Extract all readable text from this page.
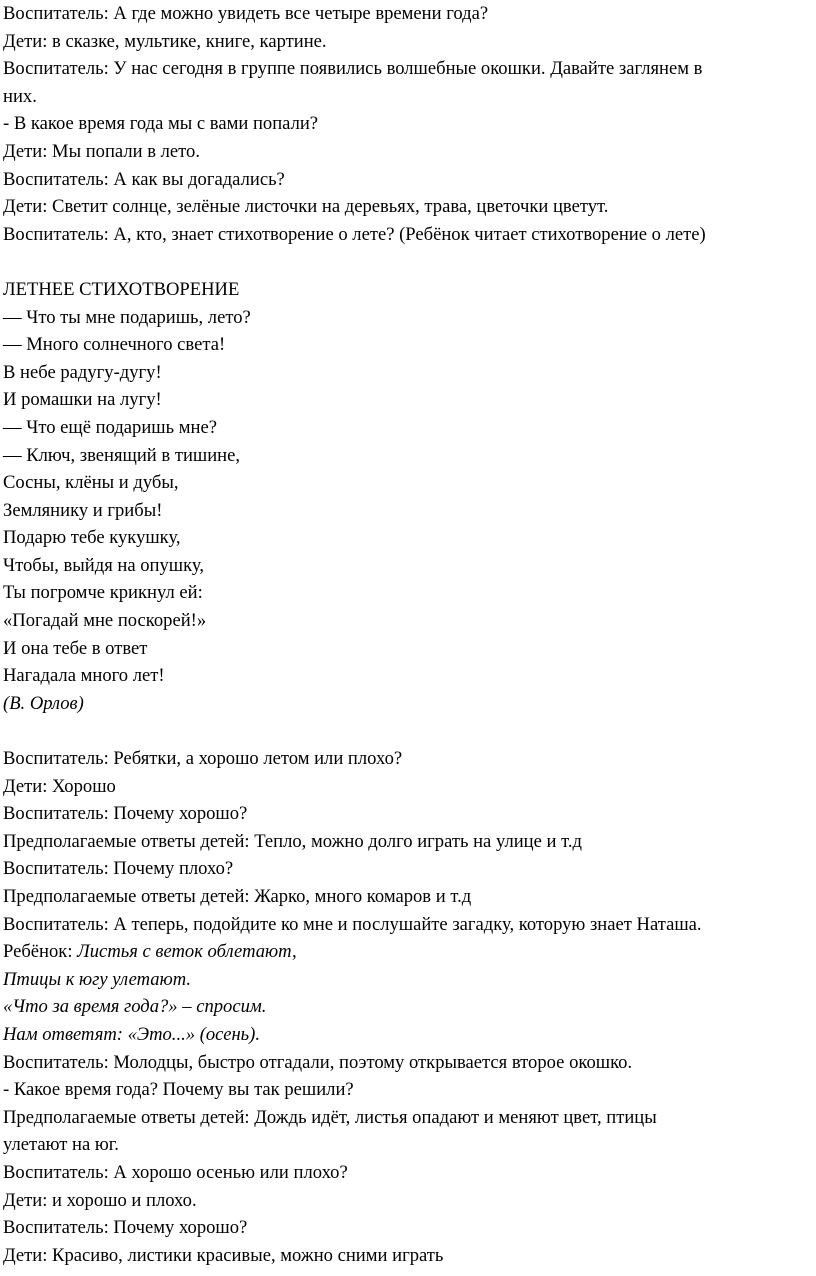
Воспитатель: А где можно увидеть все четыре времени года?
Дети: в сказке, мультике, книге, картине.
Воспитатель: У нас сегодня в группе появились волшебные окошки. Давайте заглянем в
них.
- В какое время года мы с вами попали?
Дети: Мы попали в лето.
Воспитатель: А как вы догадались?
Дети: Светит солнце, зелёные листочки на деревьях, трава, цветочки цветут.
Воспитатель: А, кто, знает стихотворение о лете? (Ребёнок читает стихотворение о лете)
ЛЕТНЕЕ СТИХОТВОРЕНИЕ
— Что ты мне подаришь, лето?
— Много солнечного света!
В небе радугу-дугу!
И ромашки на лугу!
— Что ещё подаришь мне?
— Ключ, звенящий в тишине,
Сосны, клёны и дубы,
Землянику и грибы!
Подарю тебе кукушку,
Чтобы, выйдя на опушку,
Ты погромче крикнул ей:
«Погадай мне поскорей!»
И она тебе в ответ
Нагадала много лет!
(В. Орлов)
Воспитатель: Ребятки, а хорошо летом или плохо?
Дети: Хорошо
Воспитатель: Почему хорошо?
Предполагаемые ответы детей: Тепло, можно долго играть на улице и т.д
Воспитатель: Почему плохо?
Предполагаемые ответы детей: Жарко, много комаров и т.д
Воспитатель: А теперь, подойдите ко мне и послушайте загадку, которую знает Наташа.
Ребёнок: Листья с веток облетают,
Птицы к югу улетают.
«Что за время года?» – спросим.
Нам ответят: «Это...» (осень).
Воспитатель: Молодцы, быстро отгадали, поэтому открывается второе окошко.
- Какое время года? Почему вы так решили?
Предполагаемые ответы детей: Дождь идёт, листья опадают и меняют цвет, птицы
улетают на юг.
Воспитатель: А хорошо осенью или плохо?
Дети: и хорошо и плохо.
Воспитатель: Почему хорошо?
Дети: Красиво, листики красивые, можно сними играть
